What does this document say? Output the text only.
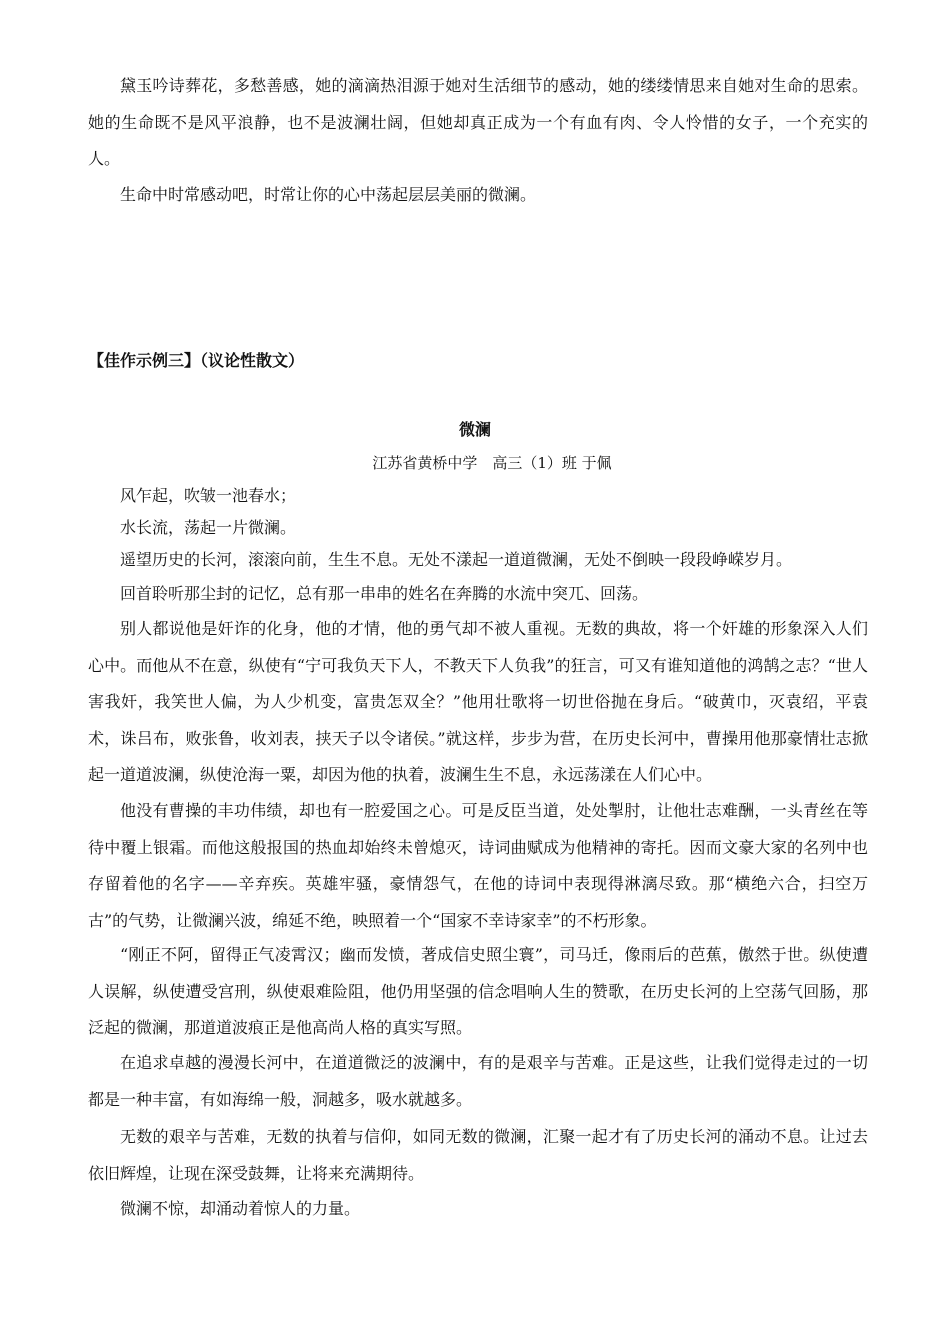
黛玉吟诗葬花，多愁善感，她的滴滴热泪源于她对生活细节的感动，她的缕缕情思来自她对生命的思索。她的生命既不是风平浪静，也不是波澜壮阔，但她却真正成为一个有血有肉、令人怜惜的女子，一个充实的人。

生命中时常感动吧，时常让你的心中荡起层层美丽的微澜。

【佳作示例三】（议论性散文）

微澜

江苏省黄桥中学　高三（1）班 于佩

风乍起，吹皱一池春水；

水长流，荡起一片微澜。

遥望历史的长河，滚滚向前，生生不息。无处不漾起一道道微澜，无处不倒映一段段峥嵘岁月。

回首聆听那尘封的记忆，总有那一串串的姓名在奔腾的水流中突兀、回荡。

别人都说他是奸诈的化身，他的才情，他的勇气却不被人重视。无数的典故，将一个奸雄的形象深入人们心中。而他从不在意，纵使有“宁可我负天下人，不教天下人负我”的狂言，可又有谁知道他的鸿鹄之志？“世人害我奸，我笑世人偏，为人少机变，富贵怎双全？”他用壮歌将一切世俗抛在身后。“破黄巾，灭袁绍，平袁术，诛吕布，败张鲁，收刘表，挟天子以令诸侯。”就这样，步步为营，在历史长河中，曹操用他那豪情壮志掀起一道道波澜，纵使沧海一粟，却因为他的执着，波澜生生不息，永远荡漾在人们心中。

他没有曹操的丰功伟绩，却也有一腔爱国之心。可是反臣当道，处处掣肘，让他壮志难酬，一头青丝在等待中覆上银霜。而他这般报国的热血却始终未曾熄灭，诗词曲赋成为他精神的寄托。因而文豪大家的名列中也存留着他的名字——辛弃疾。英雄牢骚，豪情怨气，在他的诗词中表现得淋漓尽致。那“横绝六合，扫空万古”的气势，让微澜兴波，绵延不绝，映照着一个“国家不幸诗家幸”的不朽形象。

“刚正不阿，留得正气凌霄汉；幽而发愤，著成信史照尘寰”，司马迁，像雨后的芭蕉，傲然于世。纵使遭人误解，纵使遭受宫刑，纵使艰难险阻，他仍用坚强的信念唱响人生的赞歌，在历史长河的上空荡气回肠，那泛起的微澜，那道道波痕正是他高尚人格的真实写照。

在追求卓越的漫漫长河中，在道道微泛的波澜中，有的是艰辛与苦难。正是这些，让我们觉得走过的一切都是一种丰富，有如海绵一般，洞越多，吸水就越多。

无数的艰辛与苦难，无数的执着与信仰，如同无数的微澜，汇聚一起才有了历史长河的涌动不息。让过去依旧辉煌，让现在深受鼓舞，让将来充满期待。

微澜不惊，却涌动着惊人的力量。
